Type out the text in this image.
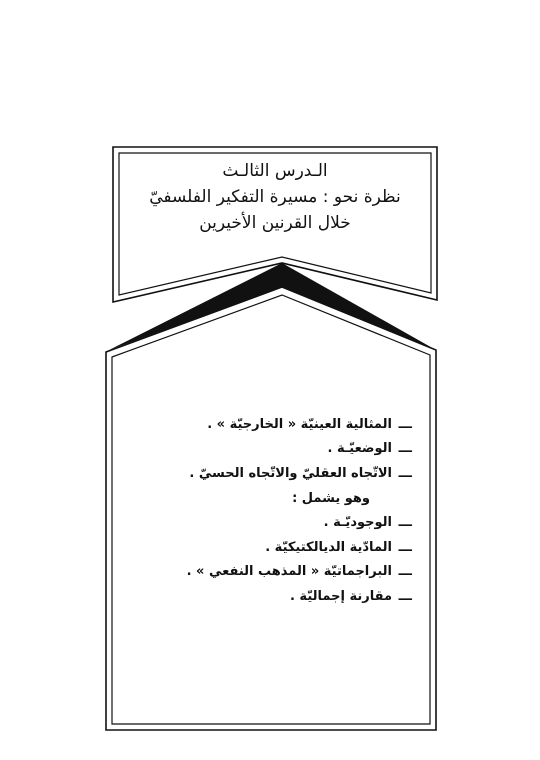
الـدرس الثالـث
نظرة نحو : مسيرة التفكير الفلسفيّ
خلال القرنين الأخيرين
ـــ
المثالية العينيّة « الخارجيّة » .
ـــ
الوضعيّـة .
ـــ
الاتّجاه العقليّ والاتّجاه الحسيّ .
وهو يشمل :
ـــ
الوجوديّـة .
ـــ
المادّية الديالكتيكيّة .
ـــ
البراجماتيّة « المذهب النفعي » .
ـــ
مقارنة إجماليّة .
